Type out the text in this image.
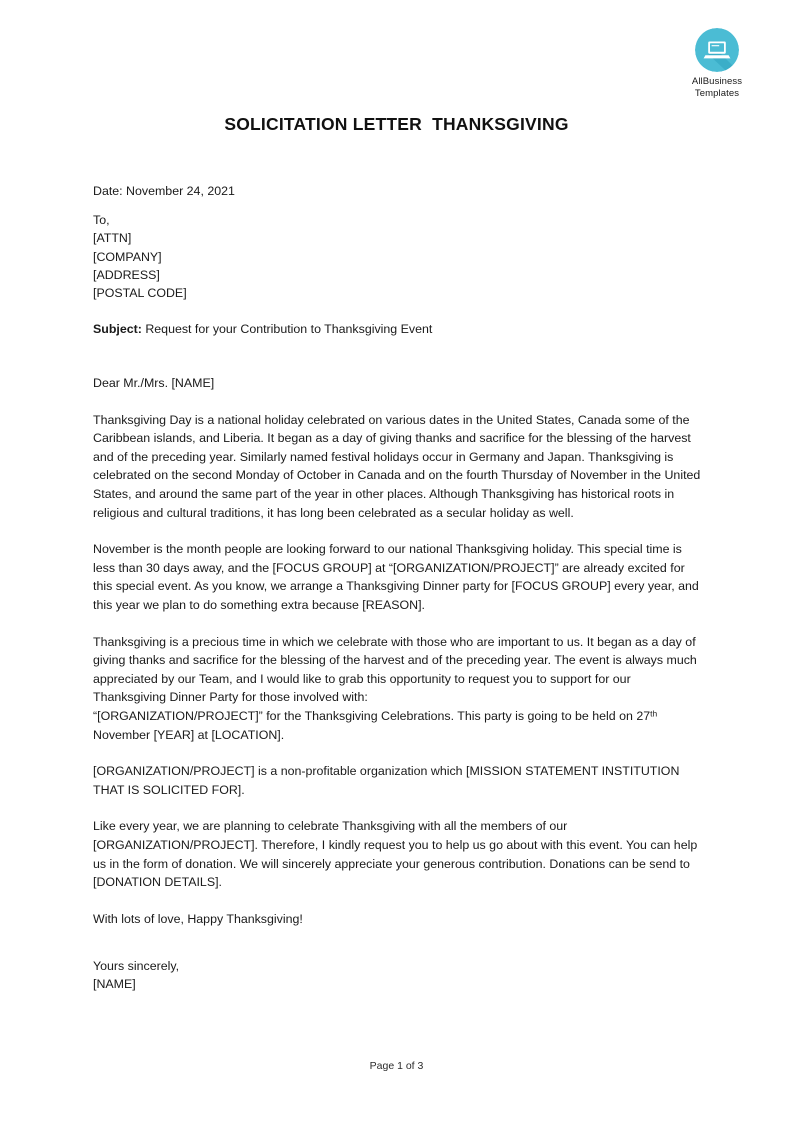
AllBusiness
Templates
SOLICITATION LETTER  THANKSGIVING
Date: November 24, 2021
To,
[ATTN]
[COMPANY]
[ADDRESS]
[POSTAL CODE]
Subject: Request for your Contribution to Thanksgiving Event
Dear Mr./Mrs. [NAME]

Thanksgiving Day is a national holiday celebrated on various dates in the United States, Canada some of the Caribbean islands, and Liberia. It began as a day of giving thanks and sacrifice for the blessing of the harvest and of the preceding year. Similarly named festival holidays occur in Germany and Japan. Thanksgiving is celebrated on the second Monday of October in Canada and on the fourth Thursday of November in the United States, and around the same part of the year in other places. Although Thanksgiving has historical roots in religious and cultural traditions, it has long been celebrated as a secular holiday as well.

November is the month people are looking forward to our national Thanksgiving holiday. This special time is less than 30 days away, and the [FOCUS GROUP] at “[ORGANIZATION/PROJECT]” are already excited for this special event. As you know, we arrange a Thanksgiving Dinner party for [FOCUS GROUP] every year, and this year we plan to do something extra because [REASON].

Thanksgiving is a precious time in which we celebrate with those who are important to us. It began as a day of giving thanks and sacrifice for the blessing of the harvest and of the preceding year. The event is always much appreciated by our Team, and I would like to grab this opportunity to request you to support for our Thanksgiving Dinner Party for those involved with:
“[ORGANIZATION/PROJECT]” for the Thanksgiving Celebrations. This party is going to be held on 27th November [YEAR] at [LOCATION].

[ORGANIZATION/PROJECT] is a non-profitable organization which [MISSION STATEMENT INSTITUTION THAT IS SOLICITED FOR].

Like every year, we are planning to celebrate Thanksgiving with all the members of our [ORGANIZATION/PROJECT]. Therefore, I kindly request you to help us go about with this event. You can help us in the form of donation. We will sincerely appreciate your generous contribution. Donations can be send to [DONATION DETAILS].

With lots of love, Happy Thanksgiving!
Yours sincerely,
[NAME]
Page 1 of 3
